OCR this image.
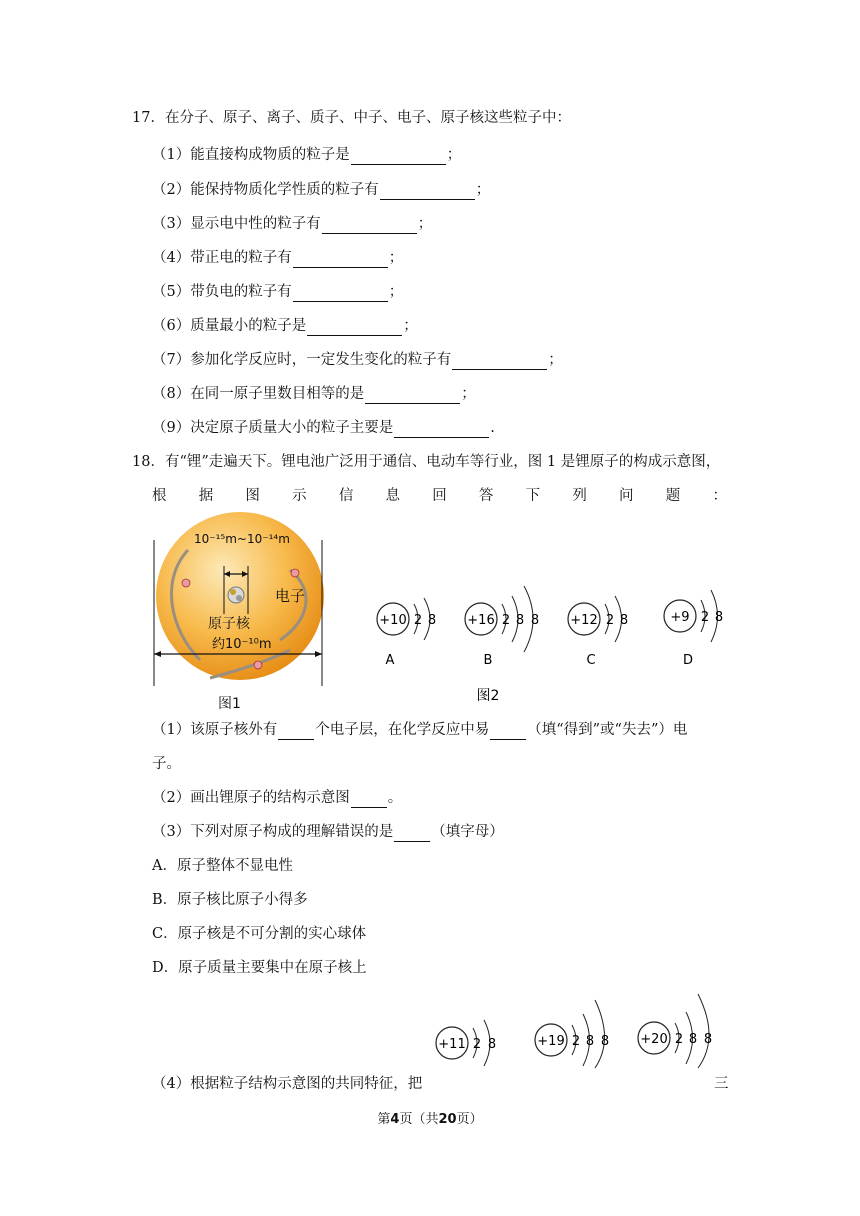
17．在分子、原子、离子、质子、中子、电子、原子核这些粒子中：
（1）能直接构成物质的粒子是	；
（2）能保持物质化学性质的粒子有	；
（3）显示电中性的粒子有	；
（4）带正电的粒子有	；
（5）带负电的粒子有	；
（6）质量最小的粒子是	；
（7）参加化学反应时，一定发生变化的粒子有	；
（8）在同一原子里数目相等的是	；
（9）决定原子质量大小的粒子主要是	.
18．有“锂”走遍天下。锂电池广泛用于通信、电动车等行业，图 1 是锂原子的构成示意图，
根 据 图 示 信 息 回 答 下 列 问 题 ：
10⁻¹⁵m~10⁻¹⁴m
电子
原子核
约10⁻¹⁰m
图1
+10 2 8
A
+16 2 8 8
B
+12 2 8
C
+9 2 8
D
图2
（1）该原子核外有	个电子层，在化学反应中易	（填“得到”或“失去”）电
子。
（2）画出锂原子的结构示意图	。
（3）下列对原子构成的理解错误的是	（填字母）
A．原子整体不显电性
B．原子核比原子小得多
C．原子核是不可分割的实心球体
D．原子质量主要集中在原子核上
+11 2 8	+19 2 8 8 +20 2 8 8
（4）根据粒子结构示意图的共同特征，把	三
第4页（共20页）
